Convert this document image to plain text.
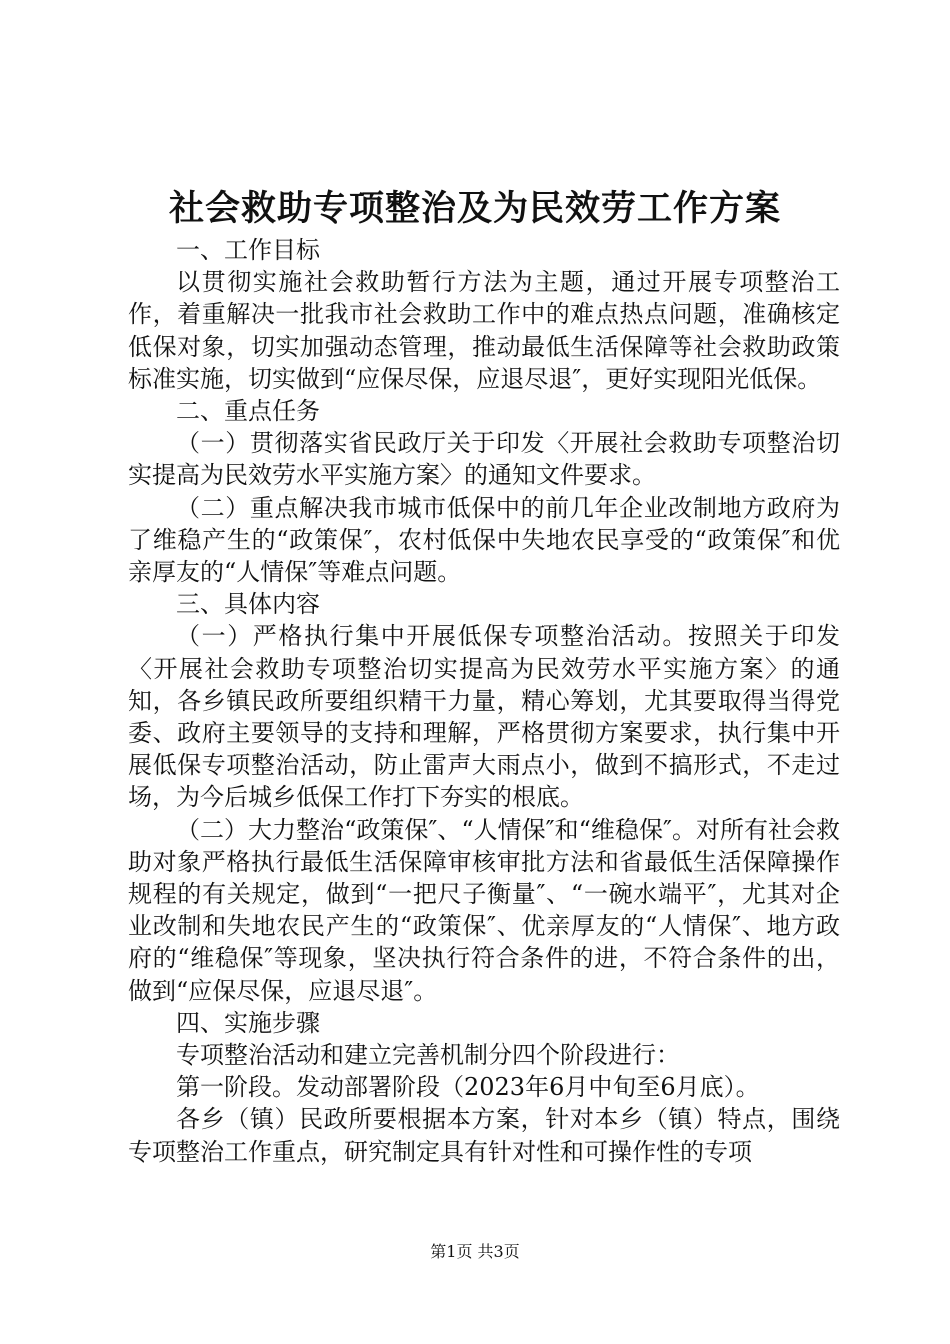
社会救助专项整治及为民效劳工作方案

一、工作目标

以贯彻实施社会救助暂行方法为主题，通过开展专项整治工作，着重解决一批我市社会救助工作中的难点热点问题，准确核定低保对象，切实加强动态管理，推动最低生活保障等社会救助政策标准实施，切实做到“应保尽保，应退尽退″，更好实现阳光低保。

二、重点任务

（一）贯彻落实省民政厅关于印发〈开展社会救助专项整治切实提高为民效劳水平实施方案〉的通知文件要求。

（二）重点解决我市城市低保中的前几年企业改制地方政府为了维稳产生的“政策保″，农村低保中失地农民享受的“政策保″和优亲厚友的“人情保″等难点问题。

三、具体内容

（一）严格执行集中开展低保专项整治活动。按照关于印发〈开展社会救助专项整治切实提高为民效劳水平实施方案〉的通知，各乡镇民政所要组织精干力量，精心筹划，尤其要取得当得党委、政府主要领导的支持和理解，严格贯彻方案要求，执行集中开展低保专项整治活动，防止雷声大雨点小，做到不搞形式，不走过场，为今后城乡低保工作打下夯实的根底。

（二）大力整治“政策保″、“人情保″和“维稳保″。对所有社会救助对象严格执行最低生活保障审核审批方法和省最低生活保障操作规程的有关规定，做到“一把尺子衡量″、“一碗水端平″，尤其对企业改制和失地农民产生的“政策保″、优亲厚友的“人情保″、地方政府的“维稳保″等现象，坚决执行符合条件的进，不符合条件的出，做到“应保尽保，应退尽退″。

四、实施步骤

专项整治活动和建立完善机制分四个阶段进行：

第一阶段。发动部署阶段（2023年6月中旬至6月底）。

各乡（镇）民政所要根据本方案，针对本乡（镇）特点，围绕专项整治工作重点，研究制定具有针对性和可操作性的专项

第1页 共3页
